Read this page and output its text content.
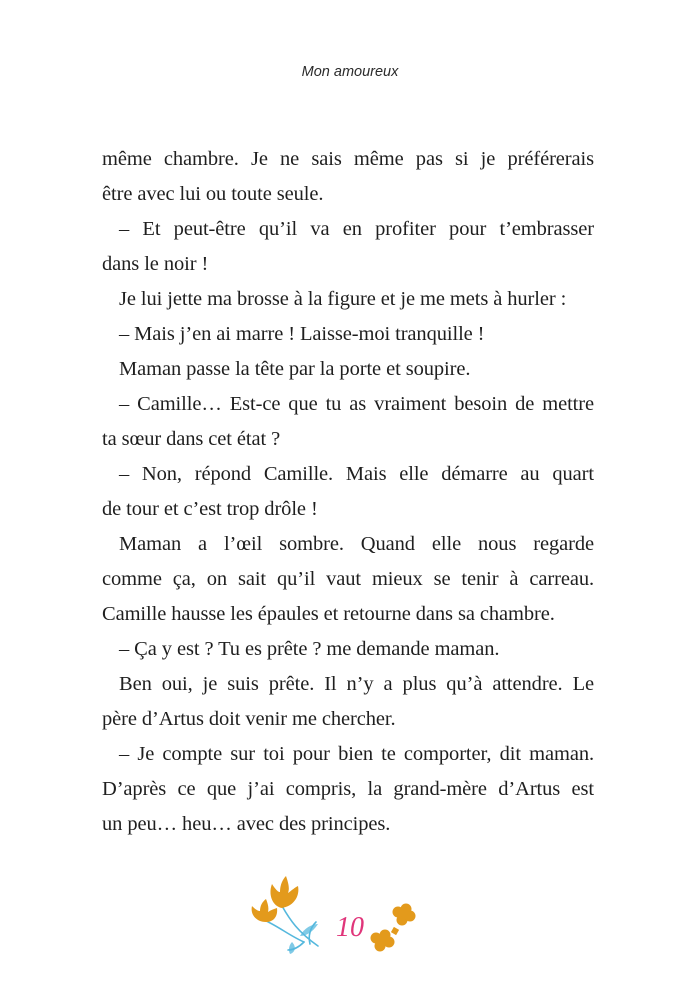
Mon amoureux

même chambre. Je ne sais même pas si je préférerais
être avec lui ou toute seule.

– Et peut-être qu’il va en profiter pour t’embrasser
dans le noir !

Je lui jette ma brosse à la figure et je me mets à hurler :

– Mais j’en ai marre ! Laisse-moi tranquille !

Maman passe la tête par la porte et soupire.

– Camille… Est-ce que tu as vraiment besoin de mettre
ta sœur dans cet état ?

– Non, répond Camille. Mais elle démarre au quart
de tour et c’est trop drôle !

Maman a l’œil sombre. Quand elle nous regarde
comme ça, on sait qu’il vaut mieux se tenir à carreau.
Camille hausse les épaules et retourne dans sa chambre.

– Ça y est ? Tu es prête ? me demande maman.

Ben oui, je suis prête. Il n’y a plus qu’à attendre. Le
père d’Artus doit venir me chercher.

– Je compte sur toi pour bien te comporter, dit maman.
D’après ce que j’ai compris, la grand-mère d’Artus est
un peu… heu… avec des principes.

10
